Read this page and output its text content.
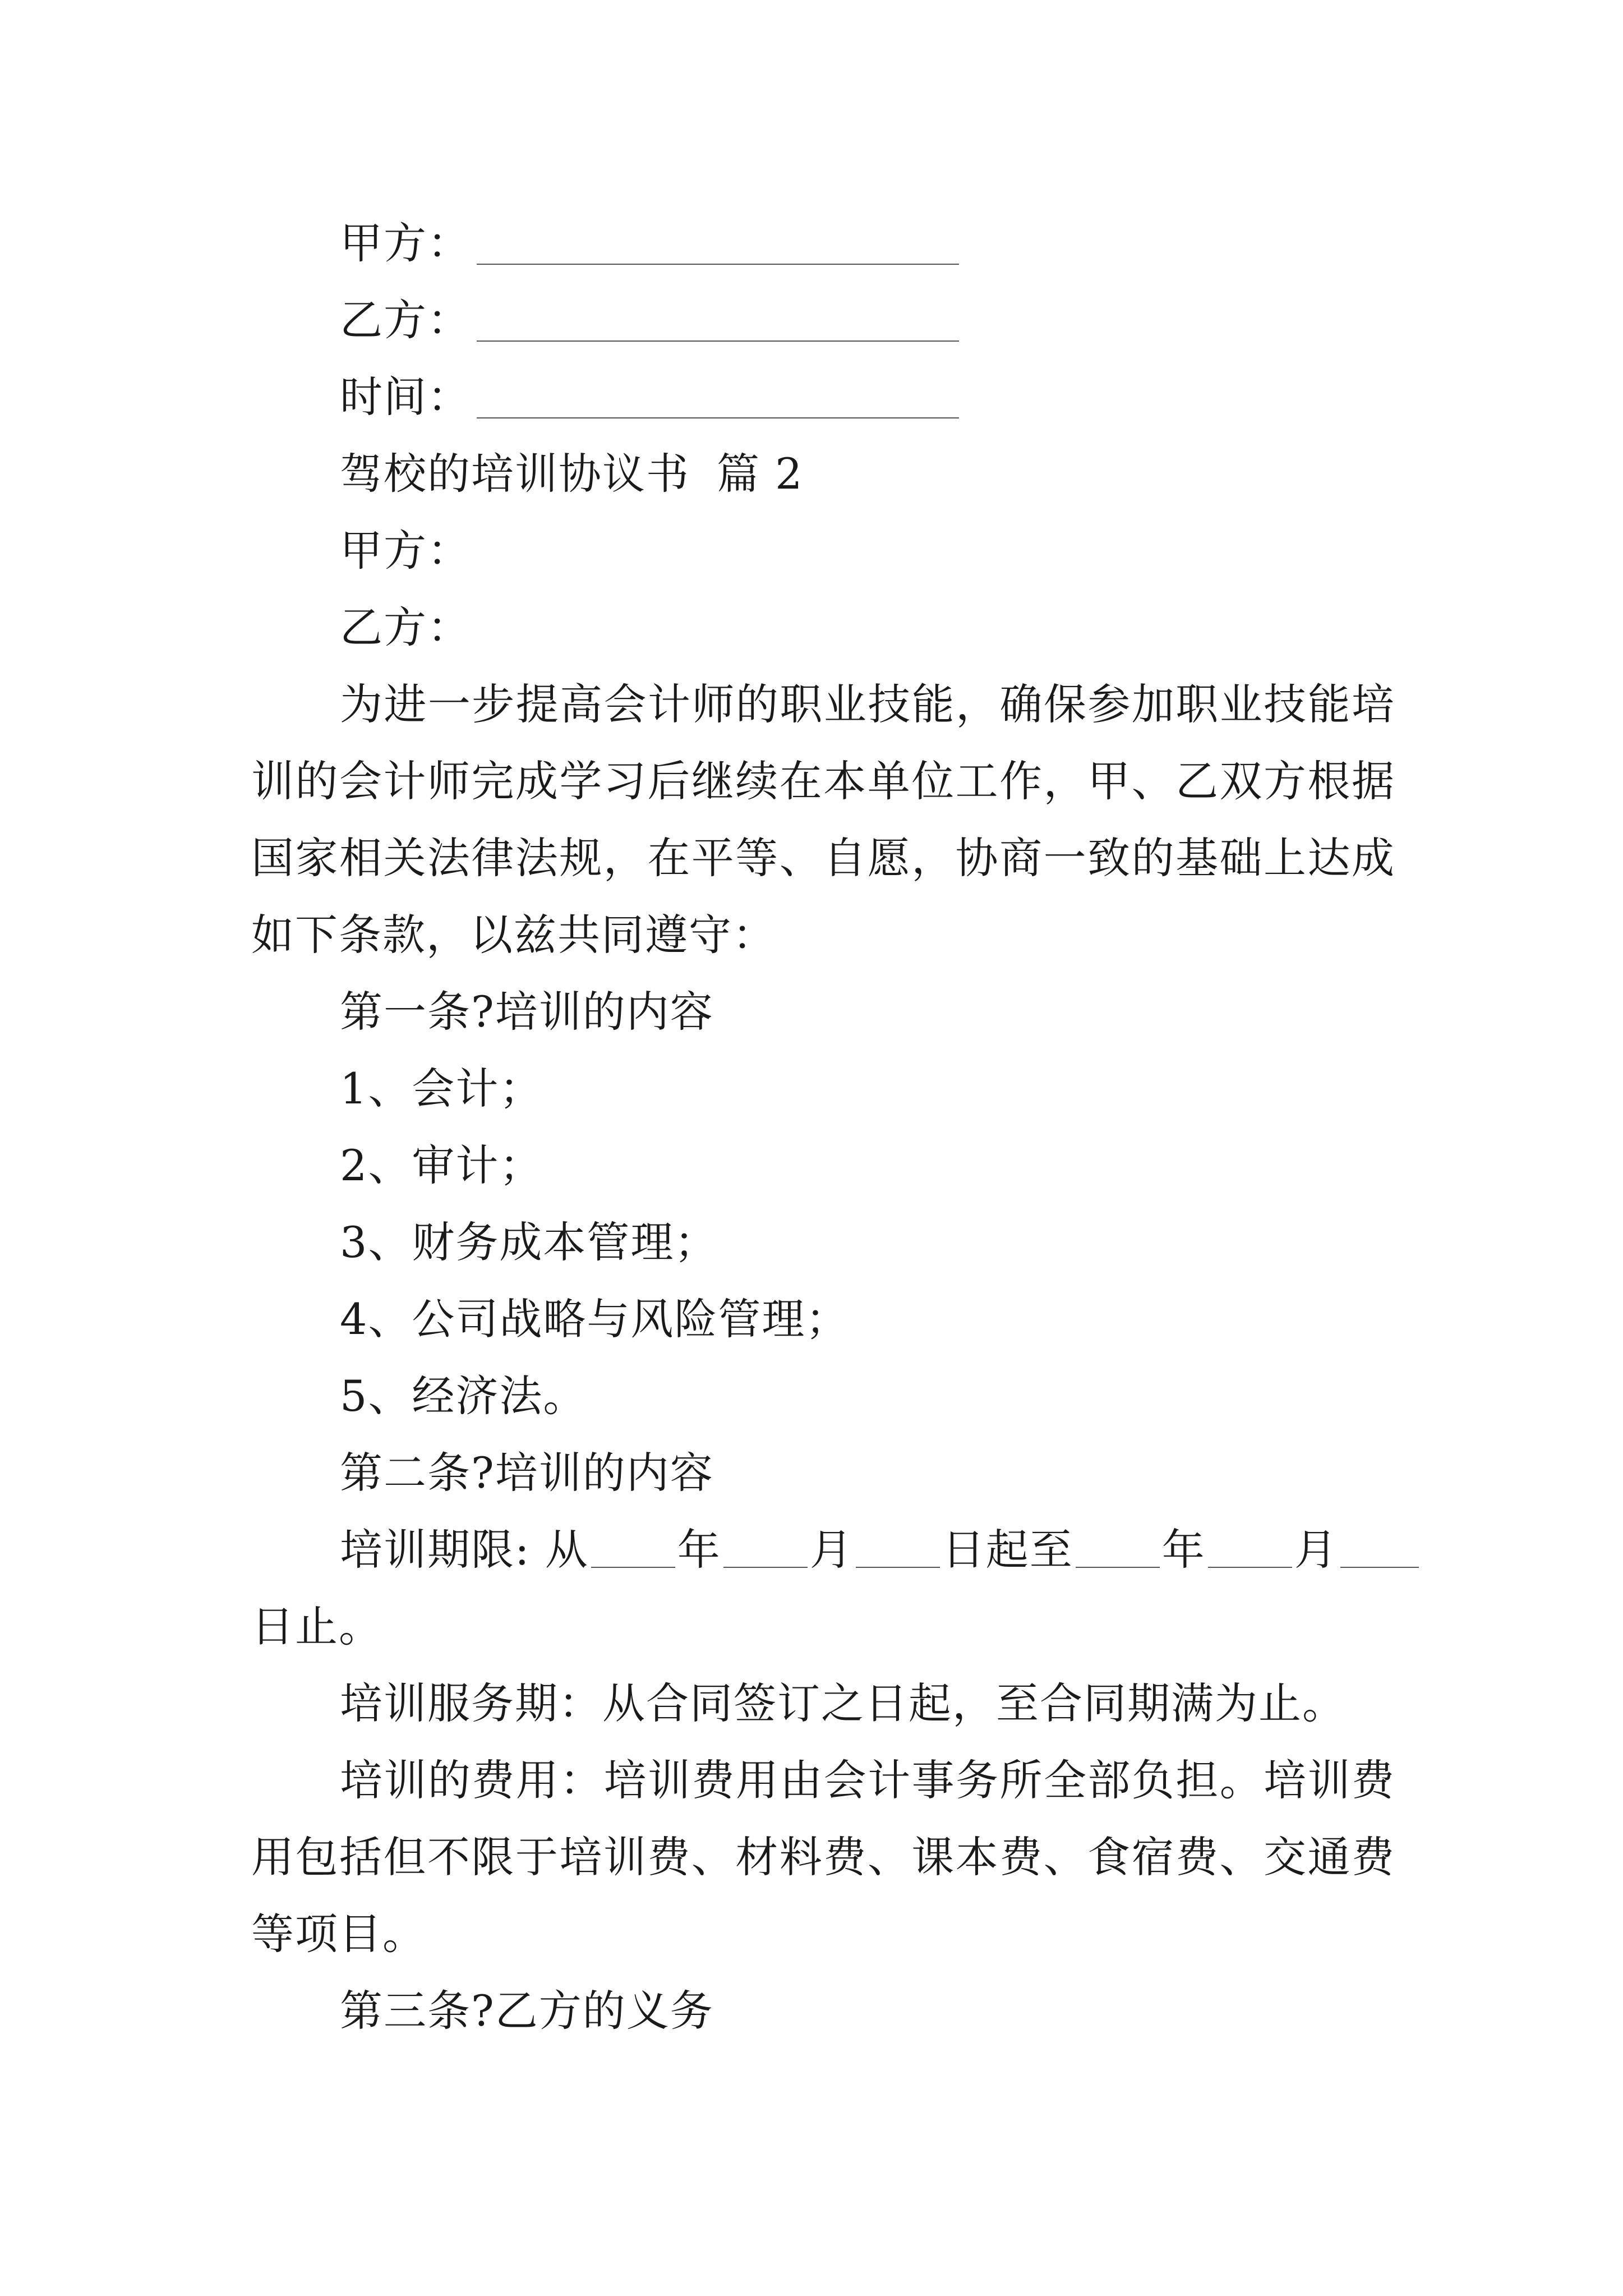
甲方：
乙方：
时间：
驾校的培训协议书 篇 2
甲方：
乙方：

为进一步提高会计师的职业技能，确保参加职业技能培训的会计师完成学习后继续在本单位工作，甲、乙双方根据国家相关法律法规，在平等、自愿，协商一致的基础上达成如下条款，以兹共同遵守：

第一条?培训的内容
1、会计；
2、审计；
3、财务成本管理；
4、公司战略与风险管理；
5、经济法。
第二条?培训的内容
培训期限: 从 年 月 日起至 年 月
日止。
培训服务期：从合同签订之日起，至合同期满为止。

培训的费用：培训费用由会计事务所全部负担。培训费用包括但不限于培训费、材料费、课本费、食宿费、交通费等项目。

第三条?乙方的义务
